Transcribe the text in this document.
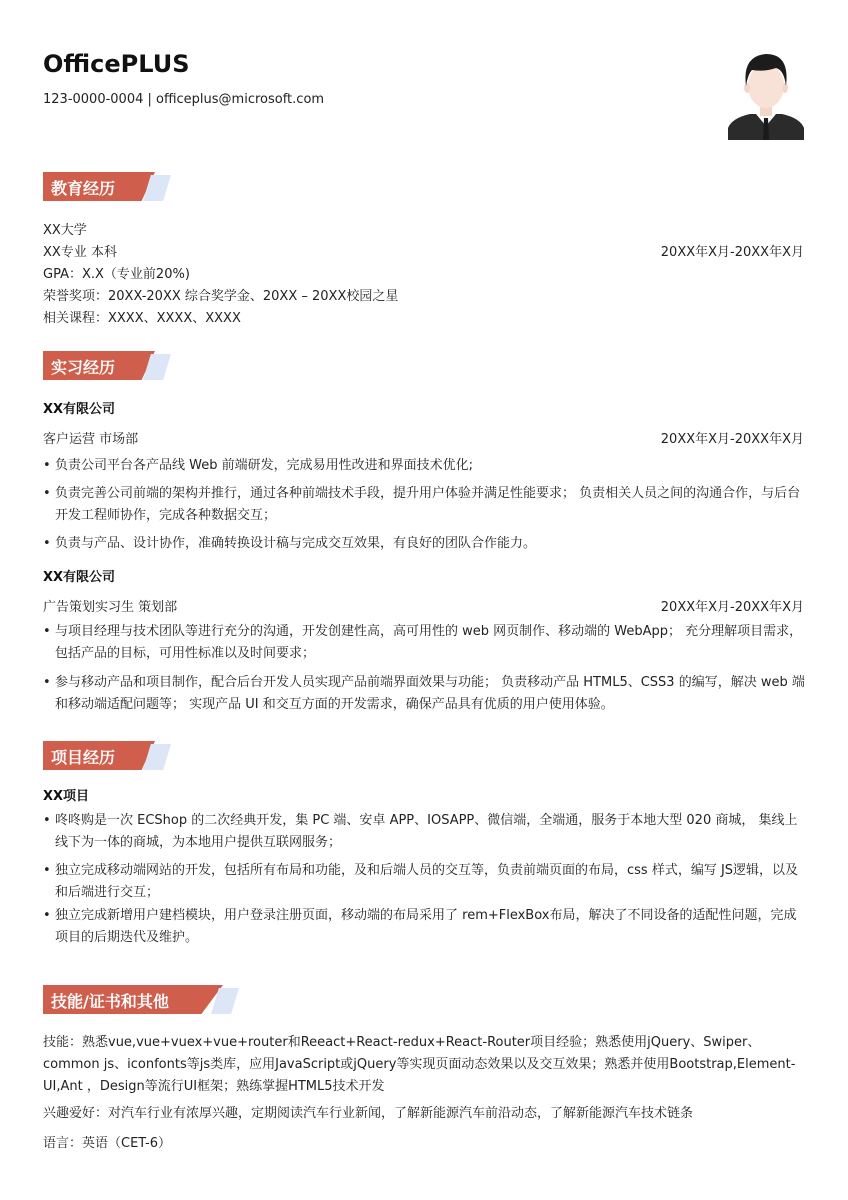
OfficePLUS
123-0000-0004 | officeplus@microsoft.com
教育经历
XX大学
XX专业 本科	20XX年X月-20XX年X月
GPA：X.X（专业前20%)
荣誉奖项：20XX-20XX 综合奖学金、20XX – 20XX校园之星
相关课程：XXXX、XXXX、XXXX
实习经历
XX有限公司
客户运营 市场部	20XX年X月-20XX年X月
• 负责公司平台各产品线 Web 前端研发，完成易用性改进和界面技术优化;
• 负责完善公司前端的架构并推行，通过各种前端技术手段，提升用户体验并满足性能要求； 负责相关人员之间的沟通合作，与后台开发工程师协作，完成各种数据交互；
• 负责与产品、设计协作，准确转换设计稿与完成交互效果，有良好的团队合作能力。
XX有限公司
广告策划实习生 策划部	20XX年X月-20XX年X月
• 与项目经理与技术团队等进行充分的沟通，开发创建性高，高可用性的 web 网页制作、移动端的 WebApp； 充分理解项目需求，包括产品的目标，可用性标准以及时间要求；
• 参与移动产品和项目制作，配合后台开发人员实现产品前端界面效果与功能； 负责移动产品 HTML5、CSS3 的编写，解决 web 端和移动端适配问题等； 实现产品 UI 和交互方面的开发需求，确保产品具有优质的用户使用体验。
项目经历
XX项目
• 咚咚购是一次 ECShop 的二次经典开发，集 PC 端、安卓 APP、IOSAPP、微信端，全端通，服务于本地大型 020 商城， 集线上线下为一体的商城，为本地用户提供互联网服务；
• 独立完成移动端网站的开发，包括所有布局和功能，及和后端人员的交互等，负责前端页面的布局，css 样式，编写 JS逻辑，以及和后端进行交互；
• 独立完成新增用户建档模块，用户登录注册页面，移动端的布局采用了 rem+FlexBox布局，解决了不同设备的适配性问题，完成项目的后期迭代及维护。
技能/证书和其他
技能：熟悉vue,vue+vuex+vue+router和Reeact+React-redux+React-Router项目经验；熟悉使用jQuery、Swiper、common js、iconfonts等js类库，应用JavaScript或jQuery等实现页面动态效果以及交互效果；熟悉并使用Bootstrap,Element-UI,Ant ，Design等流行UI框架；熟练掌握HTML5技术开发
兴趣爱好：对汽车行业有浓厚兴趣，定期阅读汽车行业新闻，了解新能源汽车前沿动态，了解新能源汽车技术链条
语言：英语（CET-6）
